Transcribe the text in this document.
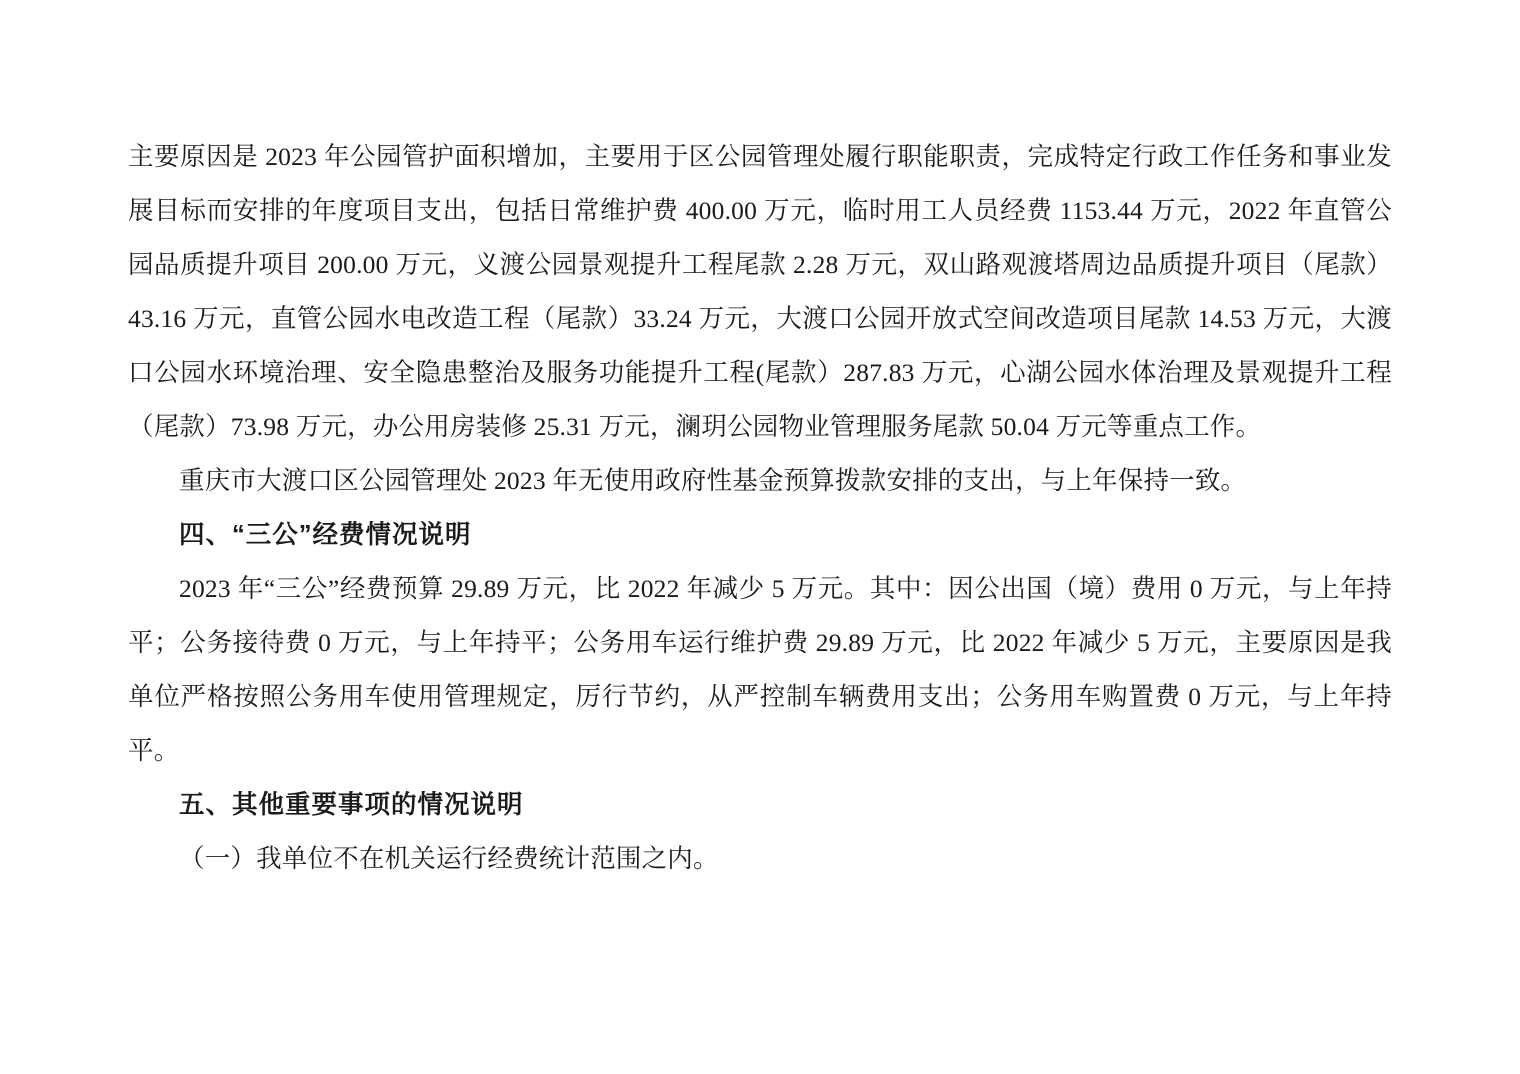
主要原因是 2023 年公园管护面积增加，主要用于区公园管理处履行职能职责，完成特定行政工作任务和事业发展目标而安排的年度项目支出，包括日常维护费 400.00 万元，临时用工人员经费 1153.44 万元，2022 年直管公园品质提升项目 200.00 万元，义渡公园景观提升工程尾款 2.28 万元，双山路观渡塔周边品质提升项目（尾款）43.16 万元，直管公园水电改造工程（尾款）33.24 万元，大渡口公园开放式空间改造项目尾款 14.53 万元，大渡口公园水环境治理、安全隐患整治及服务功能提升工程(尾款）287.83 万元，心湖公园水体治理及景观提升工程（尾款）73.98 万元，办公用房装修 25.31 万元，澜玥公园物业管理服务尾款 50.04 万元等重点工作。

重庆市大渡口区公园管理处 2023 年无使用政府性基金预算拨款安排的支出，与上年保持一致。

四、“三公”经费情况说明

2023 年“三公”经费预算 29.89 万元，比 2022 年减少 5 万元。其中：因公出国（境）费用 0 万元，与上年持平；公务接待费 0 万元，与上年持平；公务用车运行维护费 29.89 万元，比 2022 年减少 5 万元，主要原因是我单位严格按照公务用车使用管理规定，厉行节约，从严控制车辆费用支出；公务用车购置费 0 万元，与上年持平。

五、其他重要事项的情况说明

（一）我单位不在机关运行经费统计范围之内。
